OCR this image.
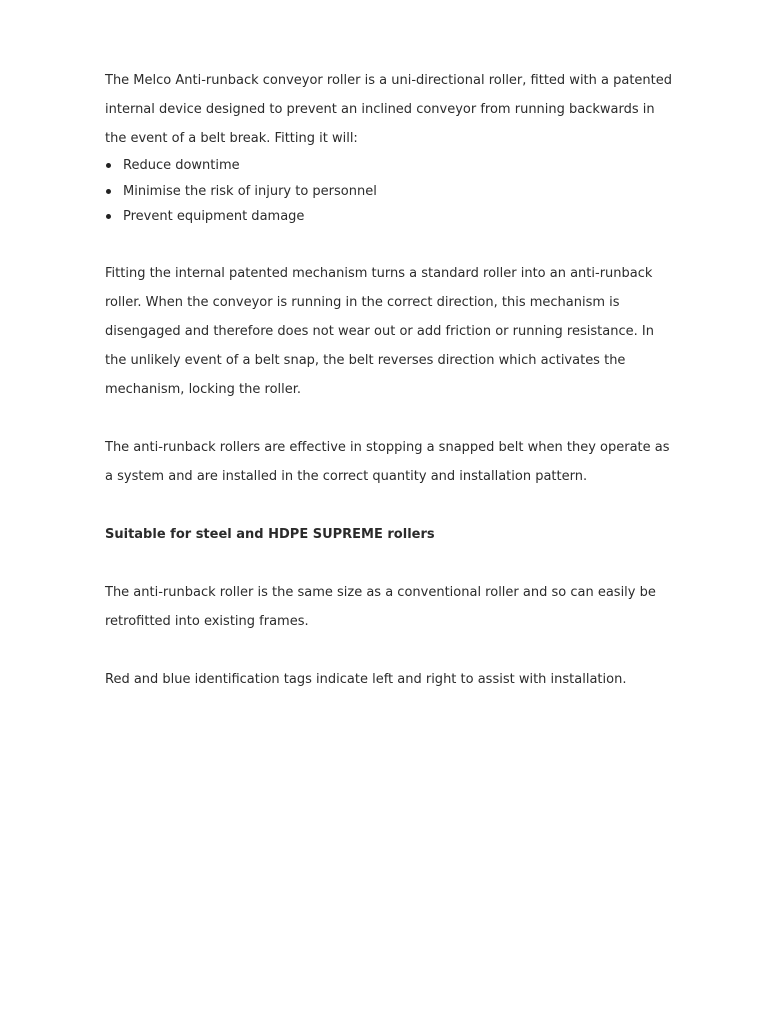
The Melco Anti-runback conveyor roller is a uni-directional roller, fitted with a patented internal device designed to prevent an inclined conveyor from running backwards in the event of a belt break. Fitting it will:

Reduce downtime
Minimise the risk of injury to personnel
Prevent equipment damage

Fitting the internal patented mechanism turns a standard roller into an anti-runback roller. When the conveyor is running in the correct direction, this mechanism is disengaged and therefore does not wear out or add friction or running resistance. In the unlikely event of a belt snap, the belt reverses direction which activates the mechanism, locking the roller.

The anti-runback rollers are effective in stopping a snapped belt when they operate as a system and are installed in the correct quantity and installation pattern.

Suitable for steel and HDPE SUPREME rollers

The anti-runback roller is the same size as a conventional roller and so can easily be retrofitted into existing frames.

Red and blue identification tags indicate left and right to assist with installation.
